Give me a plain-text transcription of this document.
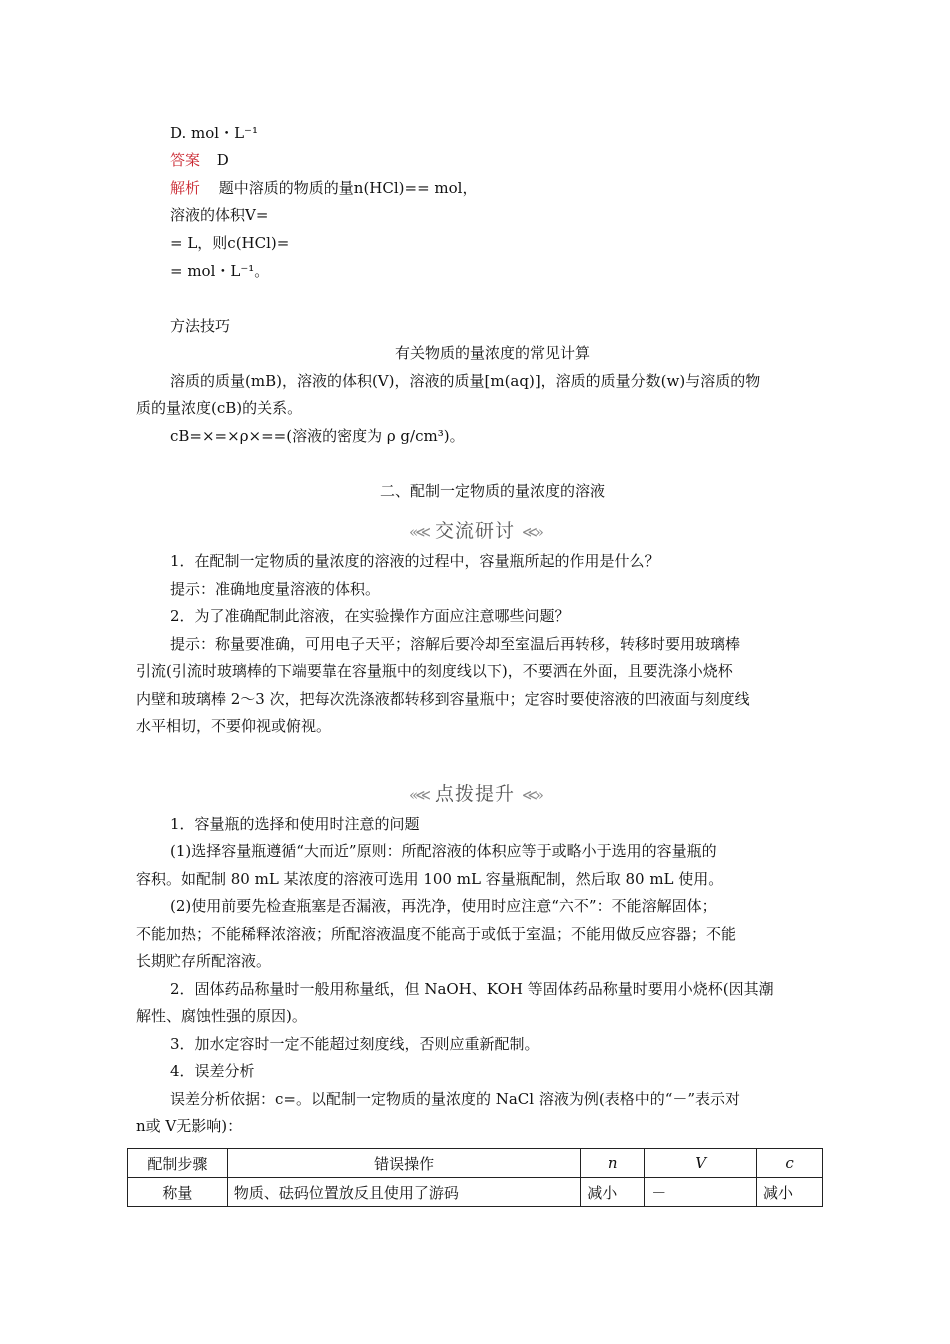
D. mol・L⁻¹
答案 D
解析 题中溶质的物质的量n(HCl)== mol，
溶液的体积V=
= L，则c(HCl)=
= mol・L⁻¹。
方法技巧
有关物质的量浓度的常见计算
溶质的质量(mB)，溶液的体积(V)，溶液的质量[m(aq)]，溶质的质量分数(w)与溶质的物
质的量浓度(cB)的关系。
cB=×=×ρ×==(溶液的密度为 ρ g/cm³)。
二、配制一定物质的量浓度的溶液
«≪ 交流研讨 ≪»
1．在配制一定物质的量浓度的溶液的过程中，容量瓶所起的作用是什么？
提示：准确地度量溶液的体积。
2．为了准确配制此溶液，在实验操作方面应注意哪些问题？
提示：称量要准确，可用电子天平；溶解后要冷却至室温后再转移，转移时要用玻璃棒
引流(引流时玻璃棒的下端要靠在容量瓶中的刻度线以下)，不要洒在外面，且要洗涤小烧杯
内壁和玻璃棒 2～3 次，把每次洗涤液都转移到容量瓶中；定容时要使溶液的凹液面与刻度线
水平相切，不要仰视或俯视。
«≪ 点拨提升 ≪»
1．容量瓶的选择和使用时注意的问题
(1)选择容量瓶遵循“大而近”原则：所配溶液的体积应等于或略小于选用的容量瓶的
容积。如配制 80 mL 某浓度的溶液可选用 100 mL 容量瓶配制，然后取 80 mL 使用。
(2)使用前要先检查瓶塞是否漏液，再洗净，使用时应注意“六不”：不能溶解固体；
不能加热；不能稀释浓溶液；所配溶液温度不能高于或低于室温；不能用做反应容器；不能
长期贮存所配溶液。
2．固体药品称量时一般用称量纸，但 NaOH、KOH 等固体药品称量时要用小烧杯(因其潮
解性、腐蚀性强的原因)。
3．加水定容时一定不能超过刻度线，否则应重新配制。
4．误差分析
误差分析依据：c=。以配制一定物质的量浓度的 NaCl 溶液为例(表格中的“－”表示对
n或 V无影响)：
配制步骤	错误操作	n	V	c
称量	物质、砝码位置放反且使用了游码	减小	－	减小
